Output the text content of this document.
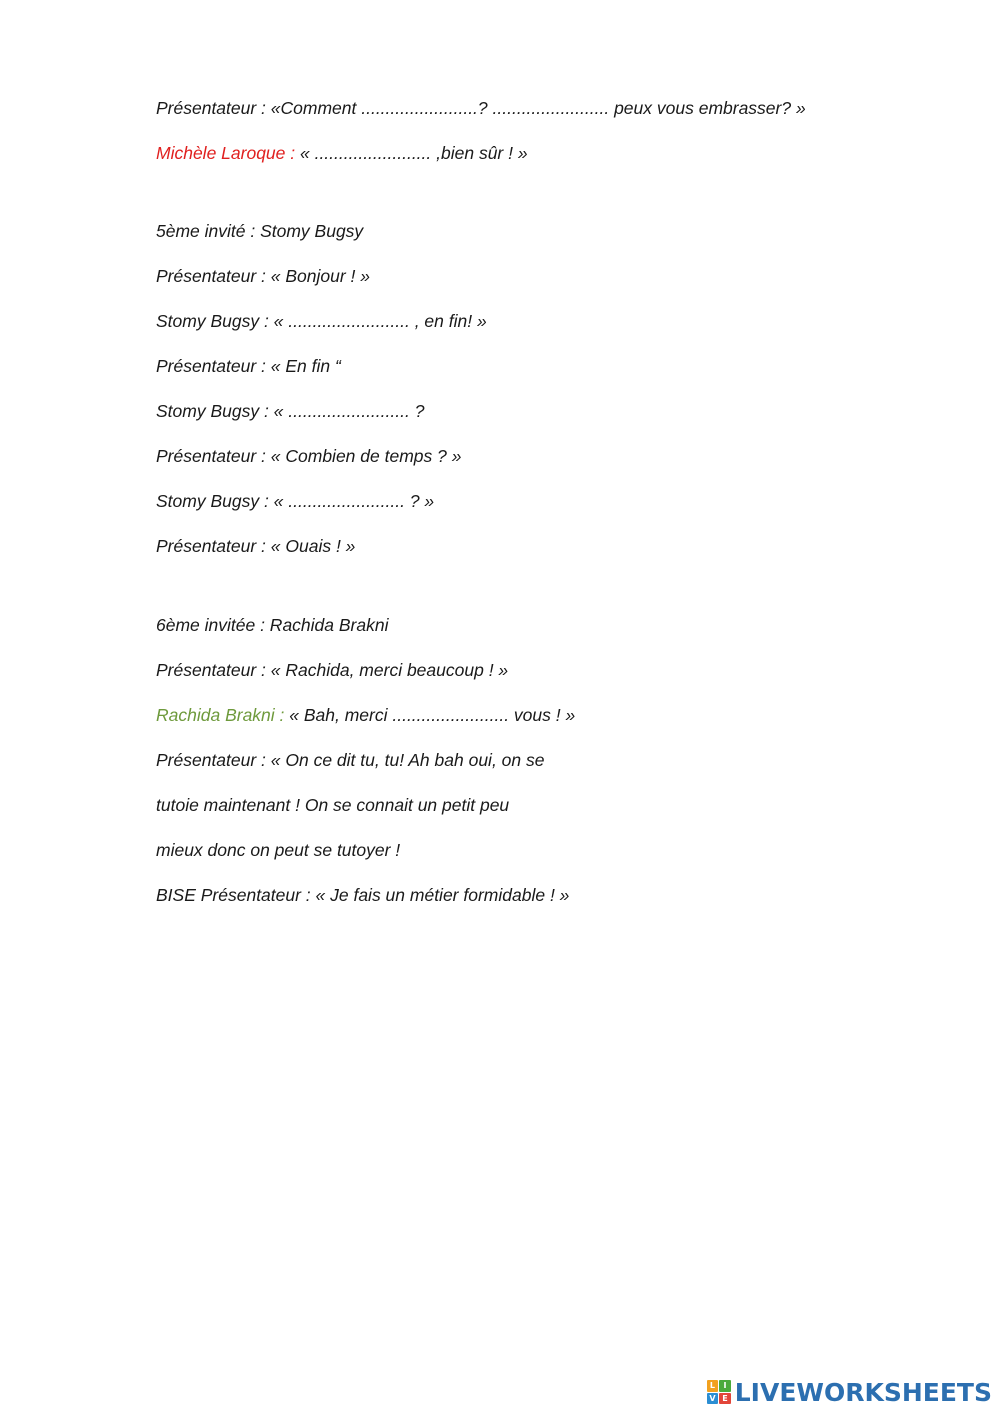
Présentateur : «Comment ........................? ........................ peux vous embrasser? »
Michèle Laroque : « ........................ ,bien sûr ! »
5ème invité : Stomy Bugsy
Présentateur : « Bonjour ! »
Stomy Bugsy : « ......................... , en fin! »
Présentateur : « En fin “
Stomy Bugsy : « ......................... ?
Présentateur : « Combien de temps ? »
Stomy Bugsy : « ........................ ? »
Présentateur : « Ouais ! »
6ème invitée : Rachida Brakni
Présentateur : « Rachida, merci beaucoup ! »
Rachida Brakni : « Bah, merci ........................ vous ! »
Présentateur : « On ce dit tu, tu! Ah bah oui, on se
tutoie maintenant ! On se connait un petit peu
mieux donc on peut se tutoyer !
BISE Présentateur : « Je fais un métier formidable ! »
L	I
V E LIVEWORKSHEETS
